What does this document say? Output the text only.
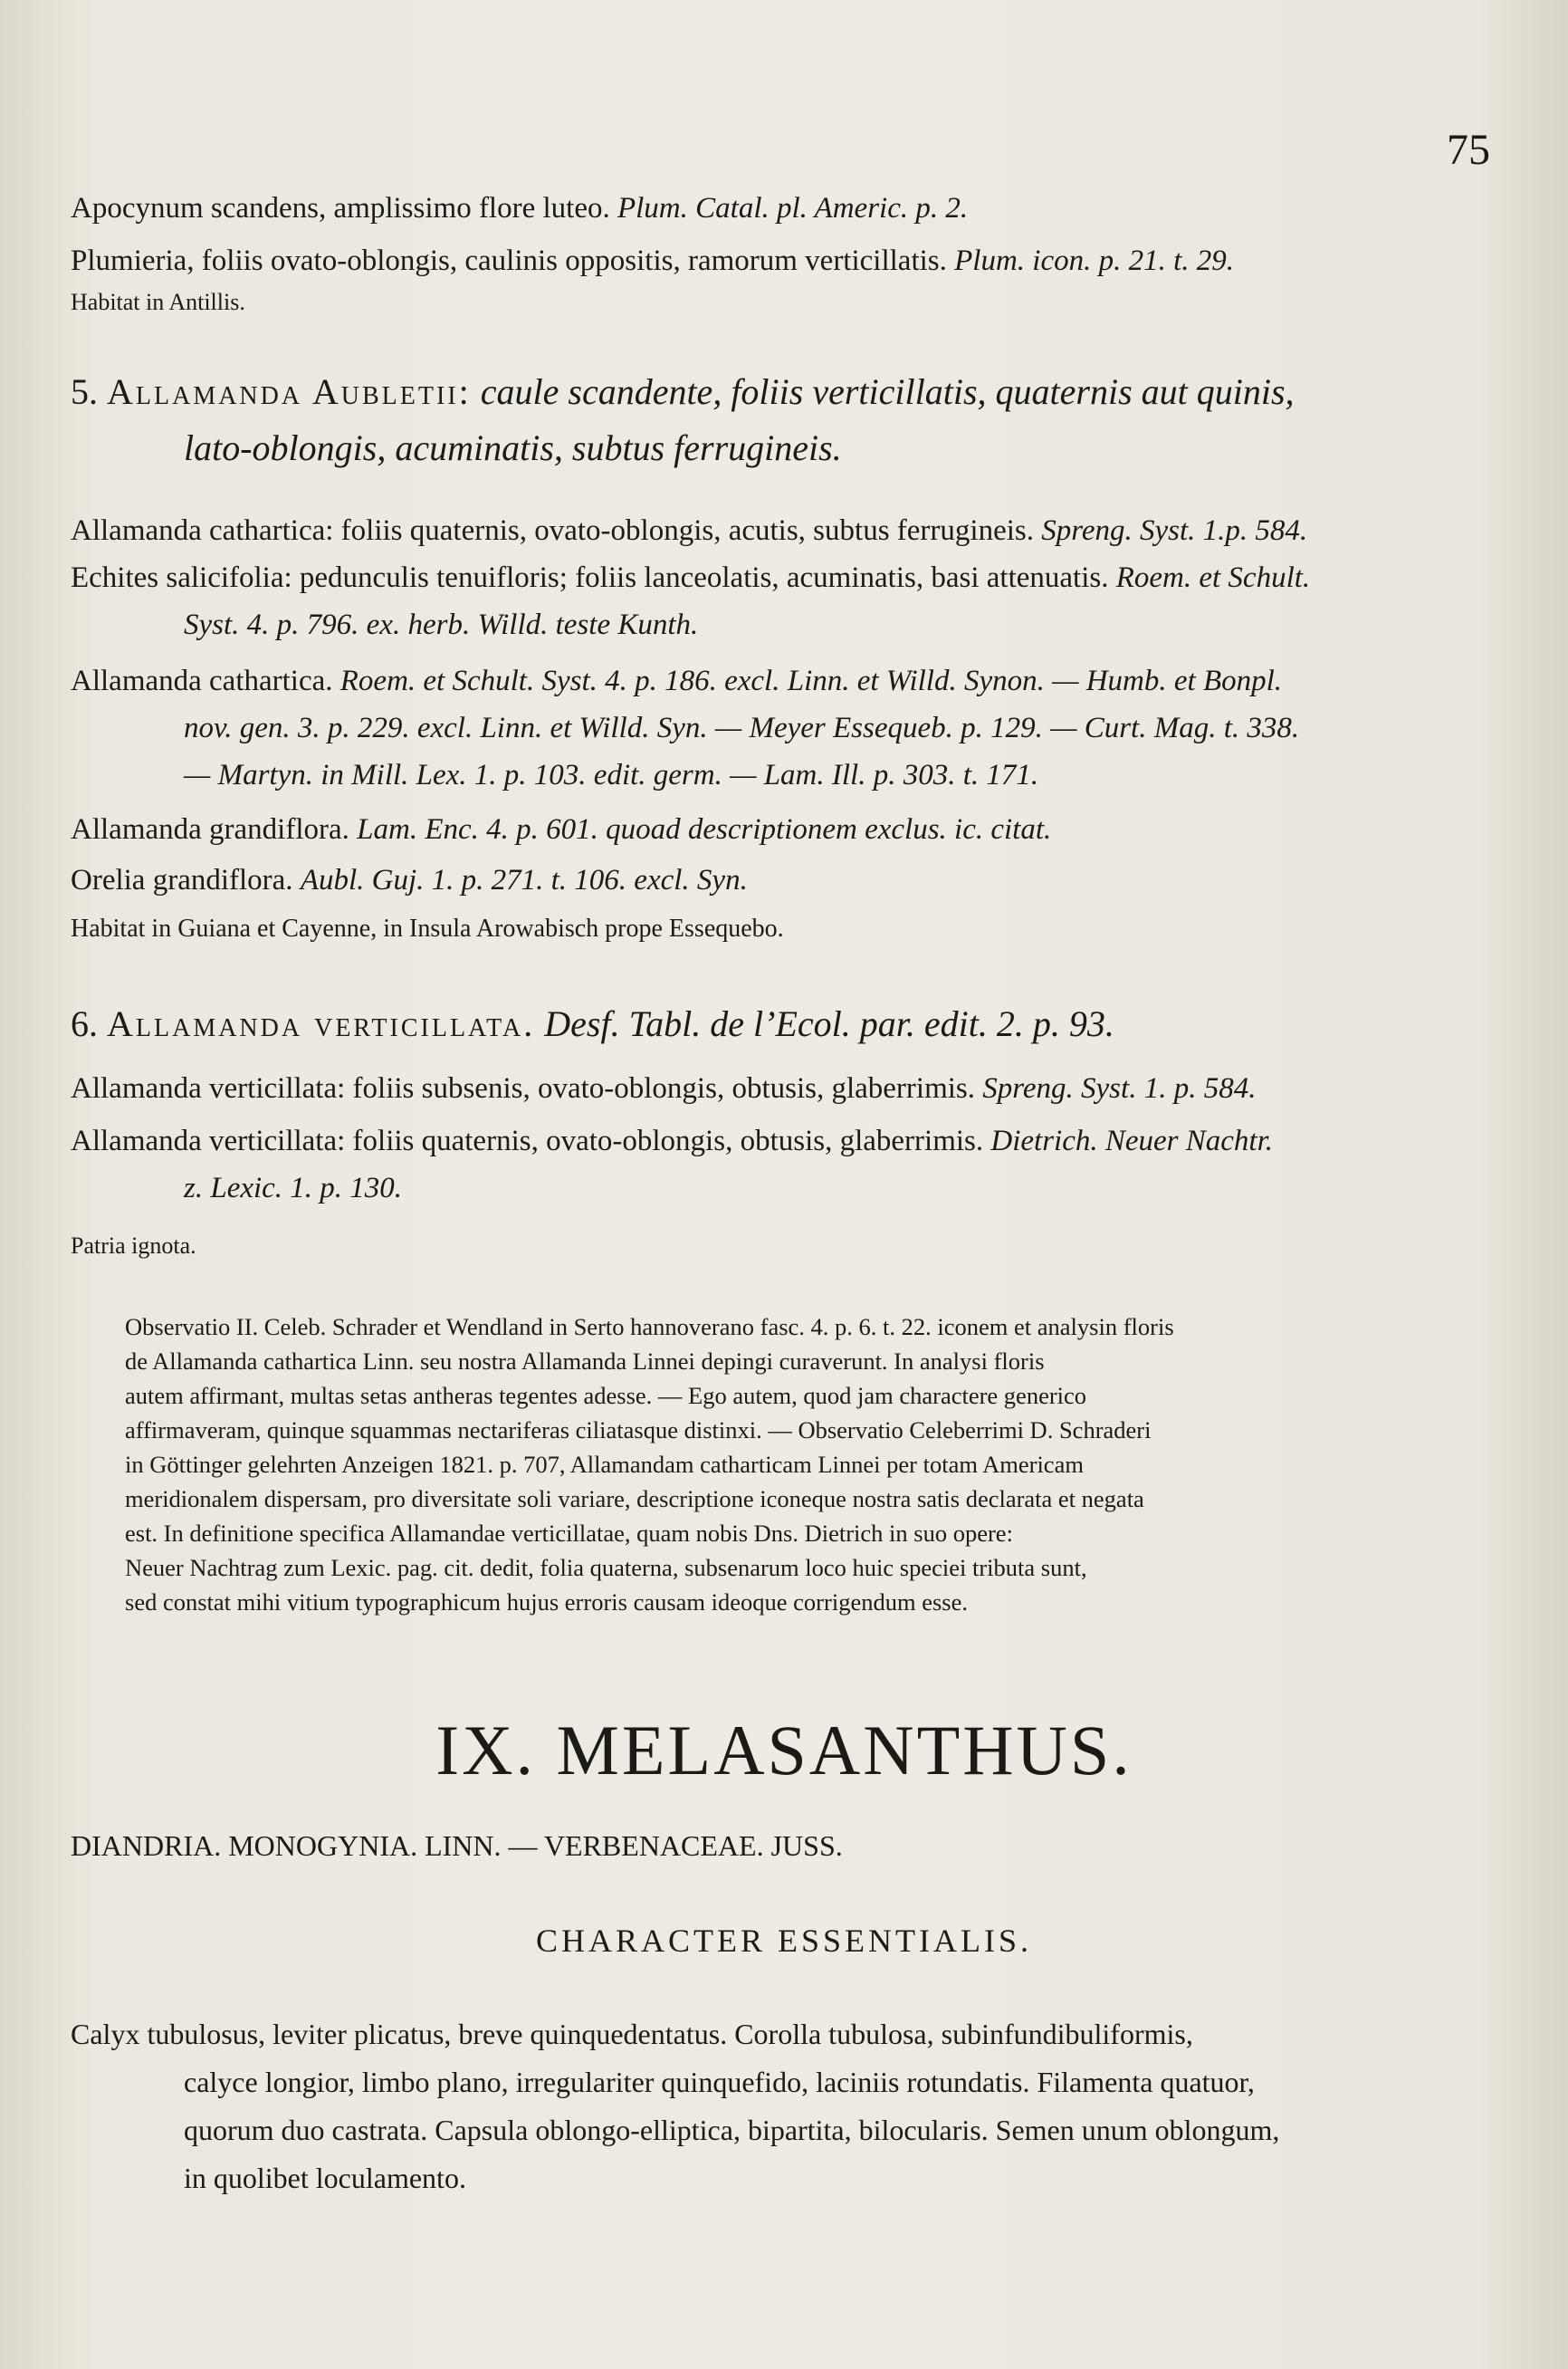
75
Apocynum scandens, amplissimo flore luteo. Plum. Catal. pl. Americ. p. 2.
Plumieria, foliis ovato-oblongis, caulinis oppositis, ramorum verticillatis. Plum. icon. p. 21. t. 29.
Habitat in Antillis.
5. Allamanda Aubletii: caule scandente, foliis verticillatis, quaternis aut quinis,
lato-oblongis, acuminatis, subtus ferrugineis.
Allamanda cathartica: foliis quaternis, ovato-oblongis, acutis, subtus ferrugineis. Spreng. Syst. 1.p. 584.
Echites salicifolia: pedunculis tenuifloris; foliis lanceolatis, acuminatis, basi attenuatis. Roem. et Schult.
Syst. 4. p. 796. ex. herb. Willd. teste Kunth.
Allamanda cathartica. Roem. et Schult. Syst. 4. p. 186. excl. Linn. et Willd. Synon. — Humb. et Bonpl.
nov. gen. 3. p. 229. excl. Linn. et Willd. Syn. — Meyer Essequeb. p. 129. — Curt. Mag. t. 338.
— Martyn. in Mill. Lex. 1. p. 103. edit. germ. — Lam. Ill. p. 303. t. 171.
Allamanda grandiflora. Lam. Enc. 4. p. 601. quoad descriptionem exclus. ic. citat.
Orelia grandiflora. Aubl. Guj. 1. p. 271. t. 106. excl. Syn.
Habitat in Guiana et Cayenne, in Insula Arowabisch prope Essequebo.
6. Allamanda verticillata. Desf. Tabl. de l’Ecol. par. edit. 2. p. 93.
Allamanda verticillata: foliis subsenis, ovato-oblongis, obtusis, glaberrimis. Spreng. Syst. 1. p. 584.
Allamanda verticillata: foliis quaternis, ovato-oblongis, obtusis, glaberrimis. Dietrich. Neuer Nachtr.
z. Lexic. 1. p. 130.
Patria ignota.
Observatio II. Celeb. Schrader et Wendland in Serto hannoverano fasc. 4. p. 6. t. 22. iconem et analysin floris
de Allamanda cathartica Linn. seu nostra Allamanda Linnei depingi curaverunt. In analysi floris
autem affirmant, multas setas antheras tegentes adesse. — Ego autem, quod jam charactere generico
affirmaveram, quinque squammas nectariferas ciliatasque distinxi. — Observatio Celeberrimi D. Schraderi
in Göttinger gelehrten Anzeigen 1821. p. 707, Allamandam catharticam Linnei per totam Americam
meridionalem dispersam, pro diversitate soli variare, descriptione iconeque nostra satis declarata et negata
est. In definitione specifica Allamandae verticillatae, quam nobis Dns. Dietrich in suo opere:
Neuer Nachtrag zum Lexic. pag. cit. dedit, folia quaterna, subsenarum loco huic speciei tributa sunt,
sed constat mihi vitium typographicum hujus erroris causam ideoque corrigendum esse.
IX. MELASANTHUS.
DIANDRIA. MONOGYNIA. LINN. — VERBENACEAE. JUSS.
CHARACTER ESSENTIALIS.
Calyx tubulosus, leviter plicatus, breve quinquedentatus. Corolla tubulosa, subinfundibuliformis,
calyce longior, limbo plano, irregulariter quinquefido, laciniis rotundatis. Filamenta quatuor,
quorum duo castrata. Capsula oblongo-elliptica, bipartita, bilocularis. Semen unum oblongum,
in quolibet loculamento.
